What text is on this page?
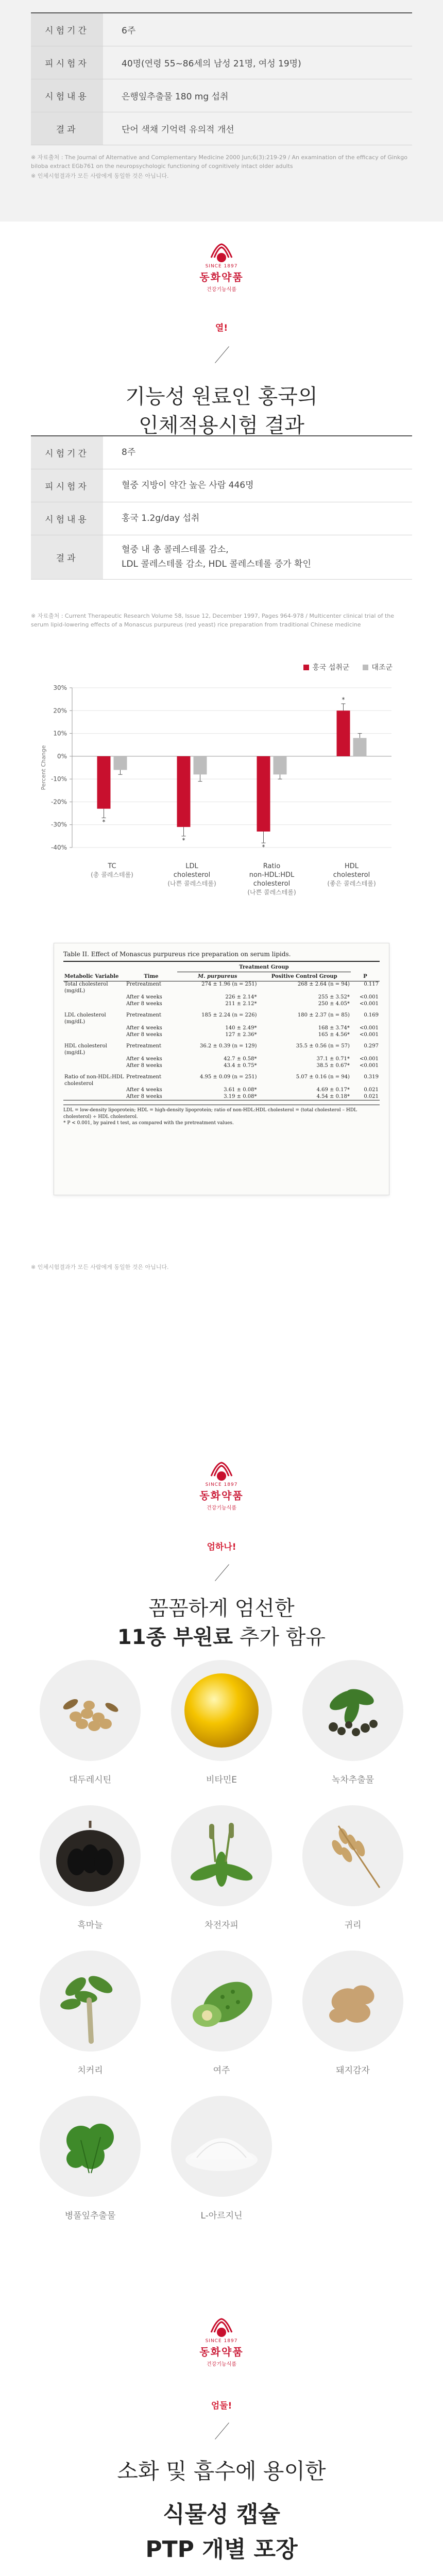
시험기간	6주
피시험자	40명(연령 55~86세의 남성 21명, 여성 19명)
시험내용	은행잎추출물 180 mg 섭취
결과	단어 색채 기억력 유의적 개선
※ 자료출처 : The Journal of Alternative and Complementary Medicine 2000 Jun;6(3):219-29 / An examination of the efficacy of Ginkgo biloba extract EGb761 on the neuropsychologic functioning of cognitively intact older adults
※ 인체시험결과가 모든 사람에게 동일한 것은 아닙니다.
SINCE 1897
동화약품
건강기능식품
열!
기능성 원료인 홍국의
인체적용시험 결과
시험기간	8주
피시험자	혈중 지방이 약간 높은 사람 446명
시험내용	홍국 1.2g/day 섭취
결과
혈중 내 총 콜레스테롤 감소,
LDL 콜레스테롤 감소, HDL 콜레스테롤 증가 확인
※ 자료출처 : Current Therapeutic Research Volume 58, Issue 12, December 1997, Pages 964-978 / Multicenter clinical trial of the serum lipid-lowering effects of a Monascus purpureus (red yeast) rice preparation from traditional Chinese medicine
홍국 섭취군	대조군
Percent Change
30%
20%
10%
0%
-10%
-20%
-30%
-40%
*
TC
(총 콜레스테롤)
*
LDL
cholesterol
(나쁜 콜레스테롤)
*
Ratio
non-HDL:HDL
cholesterol
(나쁜 콜레스테롤)
*
HDL
cholesterol
(좋은 콜레스테롤)
Table II. Effect of Monascus purpureus rice preparation on serum lipids.
		Treatment Group		
Metabolic Variable	Time	M. purpureus	Positive Control Group	P
Total cholesterol (mg/dL)	Pretreatment	274 ± 1.96 (n = 251)	268 ± 2.64 (n = 94)	0.117
	After 4 weeks	226 ± 2.14*	255 ± 3.52*	<0.001
	After 8 weeks	211 ± 2.12*	250 ± 4.05*	<0.001
LDL cholesterol (mg/dL)	Pretreatment	185 ± 2.24 (n = 226)	180 ± 2.37 (n = 85)	0.169
	After 4 weeks	140 ± 2.49*	168 ± 3.74*	<0.001
	After 8 weeks	127 ± 2.36*	165 ± 4.56*	<0.001
HDL cholesterol (mg/dL)	Pretreatment	36.2 ± 0.39 (n = 129)	35.5 ± 0.56 (n = 57)	0.297
	After 4 weeks	42.7 ± 0.58*	37.1 ± 0.71*	<0.001
	After 8 weeks	43.4 ± 0.75*	38.5 ± 0.67*	<0.001
Ratio of non-HDL:HDL cholesterol	Pretreatment	4.95 ± 0.09 (n = 251)	5.07 ± 0.16 (n = 94)	0.319
	After 4 weeks	3.61 ± 0.08*	4.69 ± 0.17*	0.021
	After 8 weeks	3.19 ± 0.08*	4.54 ± 0.18*	0.021
LDL = low-density lipoprotein; HDL = high-density lipoprotein; ratio of non-HDL:HDL cholesterol = (total cholesterol – HDL cholesterol) ÷ HDL cholesterol.
* P < 0.001, by paired t test, as compared with the pretreatment values.
※ 인체시험결과가 모든 사람에게 동일한 것은 아닙니다.
SINCE 1897
동화약품
건강기능식품
엄하나!
꼼꼼하게 엄선한
11종 부원료 추가 함유
대두레시틴	비타민E	녹차추출물
흑마늘	차전자피	귀리
치커리	여주	돼지감자
병풀잎추출물	L-아르지닌
SINCE 1897
동화약품
건강기능식품
엄둘!
소화 및 흡수에 용이한
식물성 캡슐
PTP 개별 포장
